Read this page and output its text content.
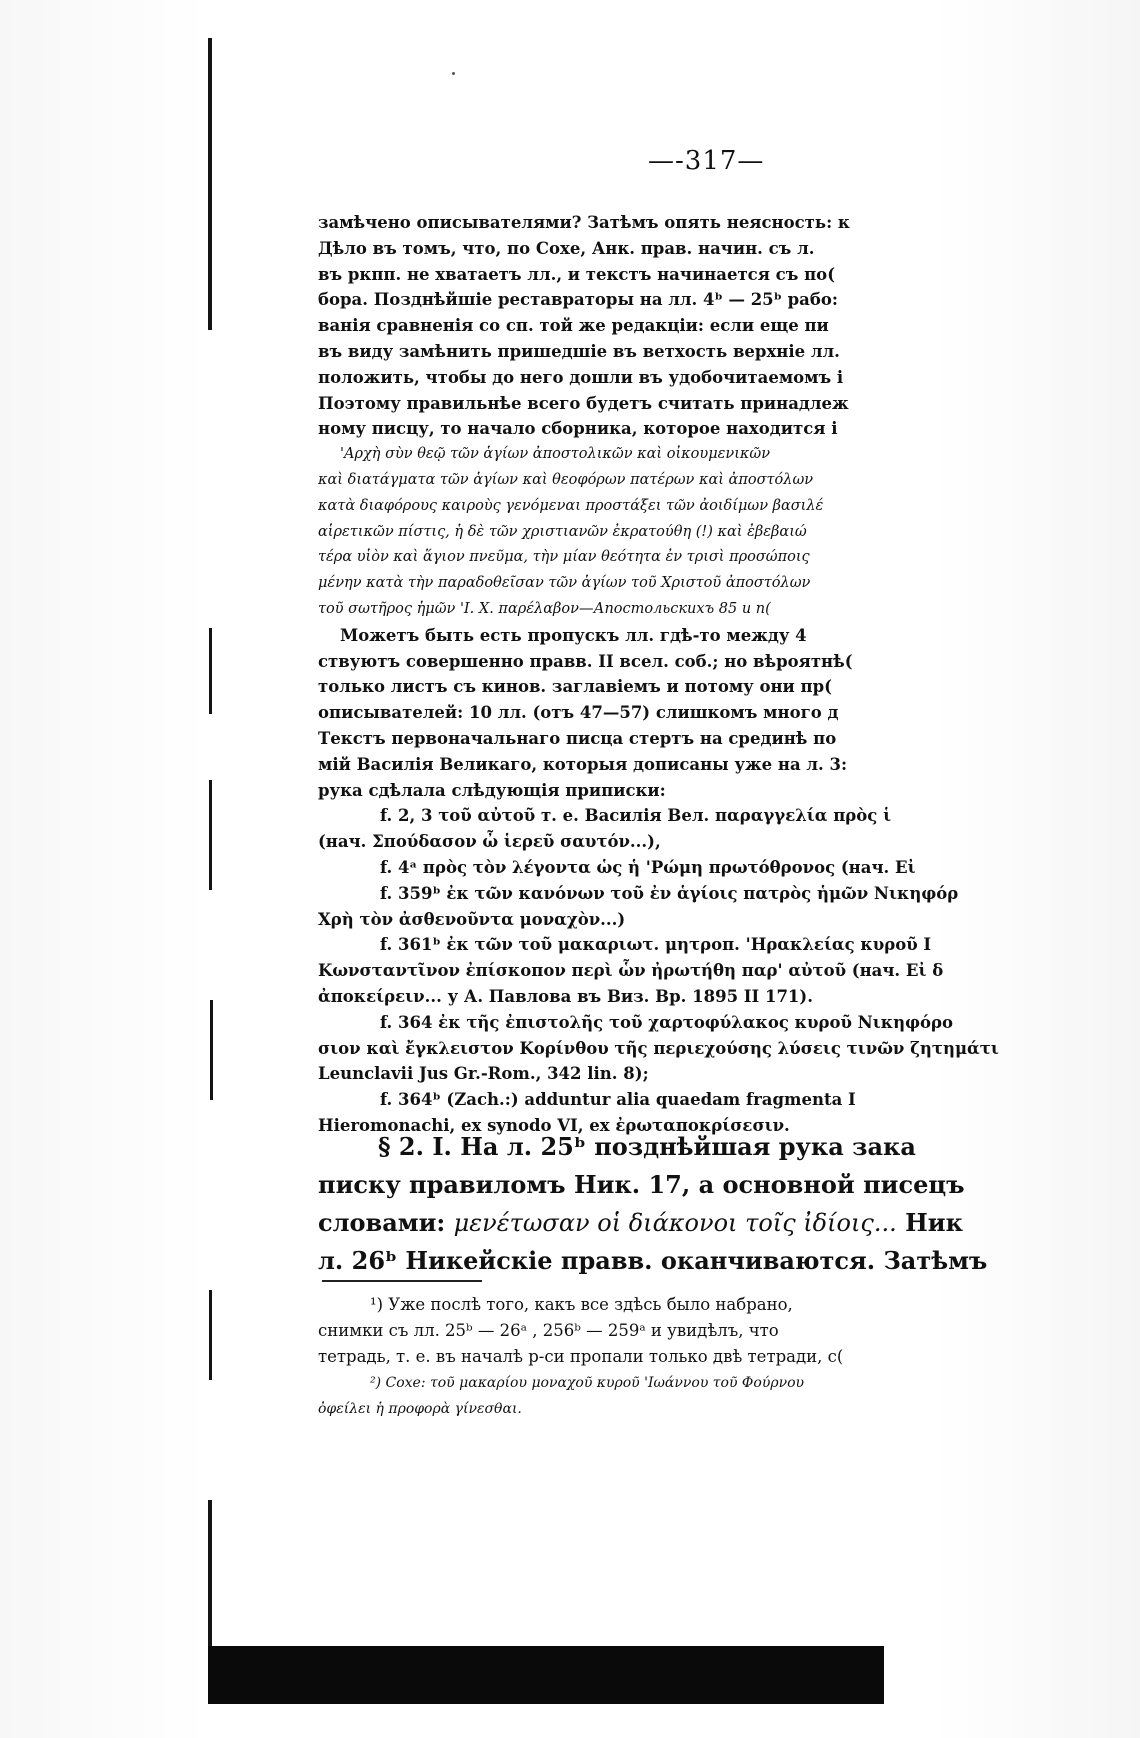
—-317—
замѣчено описывателями? Затѣмъ опять неясность: к
Дѣло въ томъ, что, по Сохе, Анк. прав. начин. съ л.
въ ркпп. не хватаетъ лл., и текстъ начинается съ по(
бора. Позднѣйшіе реставраторы на лл. 4ᵇ — 25ᵇ рабо:
ванія сравненія со сп. той же редакціи: если еще пи
въ виду замѣнить пришедшіе въ ветхость верхніе лл.
положить, чтобы до него дошли въ удобочитаемомъ і
Поэтому правильнѣе всего будетъ считать принадлеж
ному писцу, то начало сборника, которое находится і
'Αρχὴ σὺν θεῷ τῶν ἁγίων ἀποστολικῶν καὶ οἰκουμενικῶν
καὶ διατάγματα τῶν ἁγίων καὶ θεοφόρων πατέρων καὶ ἀποστόλων
κατὰ διαφόρους καιροὺς γενόμεναι προστάξει τῶν ἀοιδίμων βασιλέ
αἱρετικῶν πίστις, ἡ δὲ τῶν χριστιανῶν ἐκρατούθη (!) καὶ ἐβεβαιώ
τέρα υἱὸν καὶ ἅγιον πνεῦμα, τὴν μίαν θεότητα ἐν τρισὶ προσώποις
μένην κατὰ τὴν παραδοθεῖσαν τῶν ἁγίων τοῦ Χριστοῦ ἀποστόλων
τοῦ σωτῆρος ἡμῶν 'Ι. Χ. παρέλαβον—Апостольскихъ 85 и п(
Можетъ быть есть пропускъ лл. гдѣ-то между 4
ствуютъ совершенно правв. II всел. соб.; но вѣроятнѣ(
только листъ съ кинов. заглавіемъ и потому они пр(
описывателей: 10 лл. (отъ 47—57) слишкомъ много д
Текстъ первоначальнаго писца стертъ на срединѣ по
мій Василія Великаго, которыя дописаны уже на л. 3:
рука сдѣлала слѣдующія приписки:
f. 2, 3 τοῦ αὐτοῦ т. е. Василія Вел. παραγγελία πρὸς ἱ
(нач. Σπούδασον ὦ ἱερεῦ σαυτόν...),
f. 4ᵃ πρὸς τὸν λέγοντα ὡς ἡ 'Ρώμη πρωτόθρονος (нач. Εἰ
f. 359ᵇ ἐκ τῶν κανόνων τοῦ ἐν ἁγίοις πατρὸς ἡμῶν Νικηφόρ
Χρὴ τὸν ἀσθενοῦντα μοναχὸν...)
f. 361ᵇ ἐκ τῶν τοῦ μακαριωτ. μητροπ. 'Ηρακλείας κυροῦ Ι
Κωνσταντῖνον ἐπίσκοπον περὶ ὧν ἠρωτήθη παρ' αὐτοῦ (нач. Εἰ δ
ἀποκείρειν... у А. Павлова въ Виз. Вр. 1895 II 171).
f. 364 ἐκ τῆς ἐπιστολῆς τοῦ χαρτοφύλακος κυροῦ Νικηφόρο
σιον καὶ ἔγκλειστον Κορίνθου τῆς περιεχούσης λύσεις τινῶν ζητημάτι
Leunclavii Jus Gr.-Rom., 342 lin. 8);
f. 364ᵇ (Zach.:) adduntur alia quaedam fragmenta Ι
Hieromonachi, ex synodo VI, ex ἐρωταποκρίσεσιν.
§ 2. I. На л. 25ᵇ позднѣйшая рука зака
писку правиломъ Ник. 17, а основной писецъ
словами: μενέτωσαν οἱ διάκονοι τοῖς ἰδίοις... Ник
л. 26ᵇ Никейскіе правв. оканчиваются. Затѣмъ
¹) Уже послѣ того, какъ все здѣсь было набрано,
снимки съ лл. 25ᵇ — 26ᵃ , 256ᵇ — 259ᵃ и увидѣлъ, что
тетрадь, т. е. въ началѣ р-си пропали только двѣ тетради, с(
²) Coxe: τοῦ μακαρίου μοναχοῦ κυροῦ 'Ιωάννου τοῦ Φούρνου
ὀφείλει ἡ προφορὰ γίνεσθαι.
